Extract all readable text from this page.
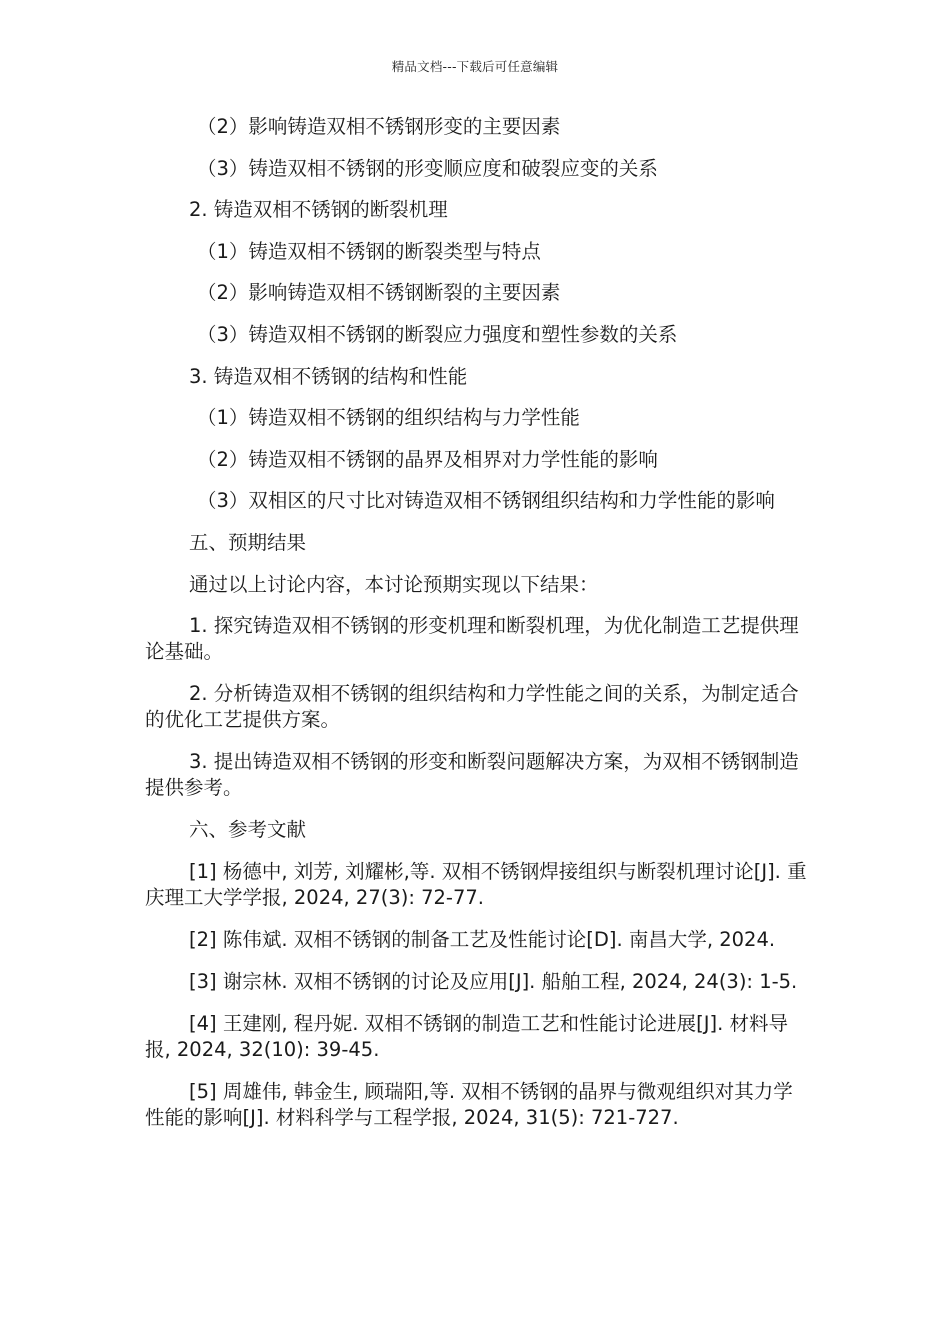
精品文档---下载后可任意编辑
（2）影响铸造双相不锈钢形变的主要因素
（3）铸造双相不锈钢的形变顺应度和破裂应变的关系
2. 铸造双相不锈钢的断裂机理
（1）铸造双相不锈钢的断裂类型与特点
（2）影响铸造双相不锈钢断裂的主要因素
（3）铸造双相不锈钢的断裂应力强度和塑性参数的关系
3. 铸造双相不锈钢的结构和性能
（1）铸造双相不锈钢的组织结构与力学性能
（2）铸造双相不锈钢的晶界及相界对力学性能的影响
（3）双相区的尺寸比对铸造双相不锈钢组织结构和力学性能的影响
五、预期结果
通过以上讨论内容，本讨论预期实现以下结果：

1. 探究铸造双相不锈钢的形变机理和断裂机理，为优化制造工艺提供理论基础。

2. 分析铸造双相不锈钢的组织结构和力学性能之间的关系，为制定适合的优化工艺提供方案。

3. 提出铸造双相不锈钢的形变和断裂问题解决方案，为双相不锈钢制造提供参考。

六、参考文献

[1] 杨德中, 刘芳, 刘耀彬,等. 双相不锈钢焊接组织与断裂机理讨论[J]. 重庆理工大学学报, 2024, 27(3): 72-77.

[2] 陈伟斌. 双相不锈钢的制备工艺及性能讨论[D]. 南昌大学, 2024.

[3] 谢宗林. 双相不锈钢的讨论及应用[J]. 船舶工程, 2024, 24(3): 1-5.

[4] 王建刚, 程丹妮. 双相不锈钢的制造工艺和性能讨论进展[J]. 材料导报, 2024, 32(10): 39-45.

[5] 周雄伟, 韩金生, 顾瑞阳,等. 双相不锈钢的晶界与微观组织对其力学性能的影响[J]. 材料科学与工程学报, 2024, 31(5): 721-727.
